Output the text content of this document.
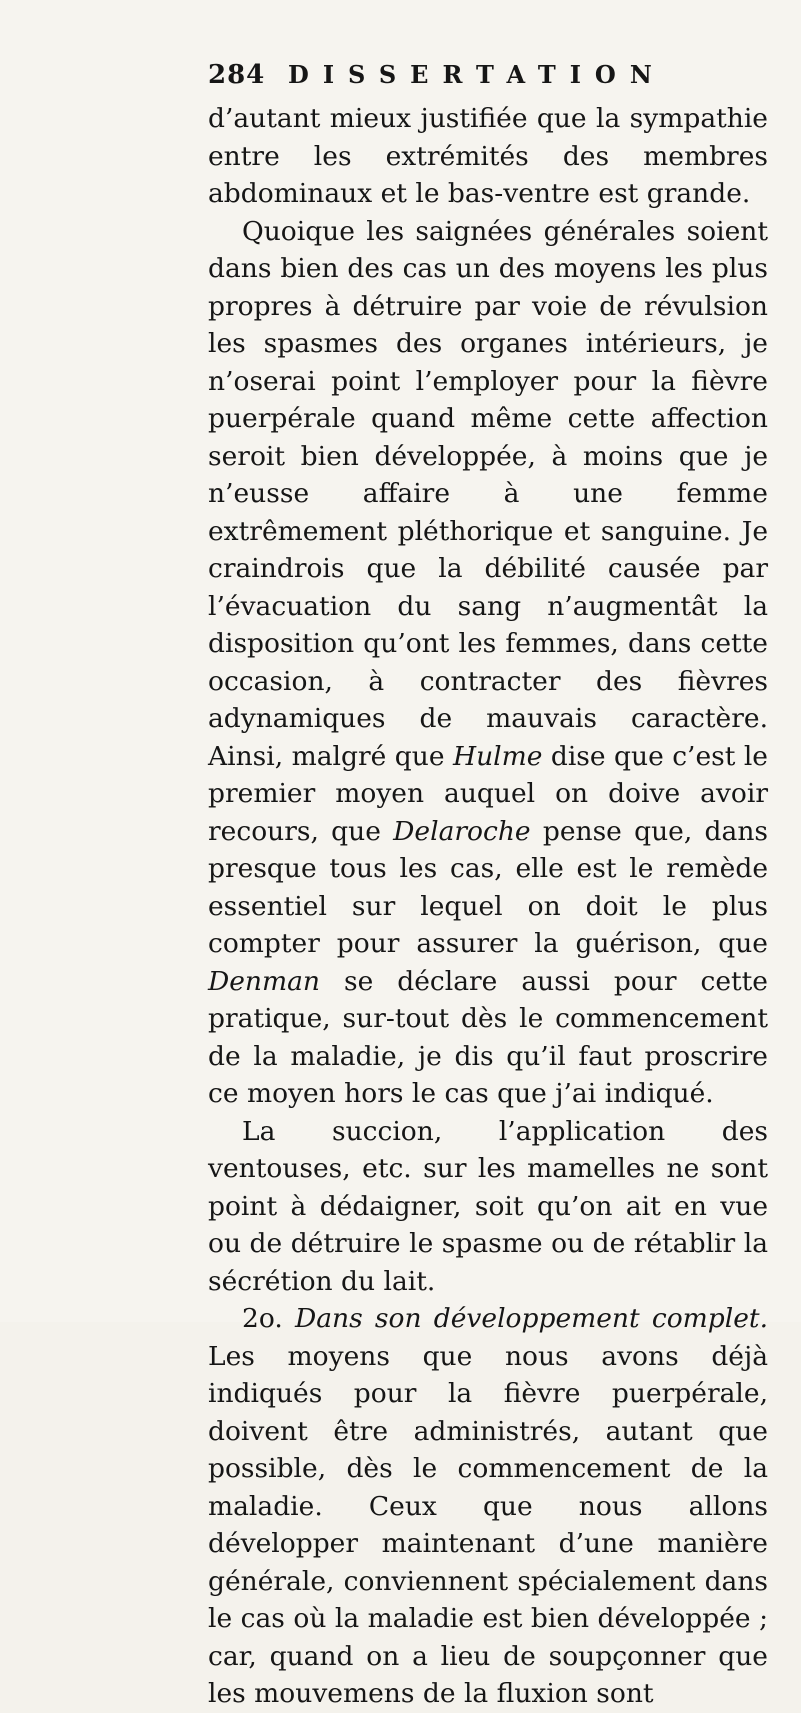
284 DISSERTATION

d’autant mieux justifiée que la sympathie entre les extrémités des membres abdominaux et le bas-ventre est grande.

Quoique les saignées générales soient dans bien des cas un des moyens les plus propres à détruire par voie de révulsion les spasmes des organes intérieurs, je n’oserai point l’employer pour la fièvre puerpérale quand même cette affection seroit bien développée, à moins que je n’eusse affaire à une femme extrêmement pléthorique et sanguine. Je craindrois que la débilité causée par l’évacuation du sang n’augmentât la disposition qu’ont les femmes, dans cette occasion, à contracter des fièvres adynamiques de mauvais caractère. Ainsi, malgré que Hulme dise que c’est le premier moyen auquel on doive avoir recours, que Delaroche pense que, dans presque tous les cas, elle est le remède essentiel sur lequel on doit le plus compter pour assurer la guérison, que Denman se déclare aussi pour cette pratique, sur-tout dès le commencement de la maladie, je dis qu’il faut proscrire ce moyen hors le cas que j’ai indiqué.

La succion, l’application des ventouses, etc. sur les mamelles ne sont point à dédaigner, soit qu’on ait en vue ou de détruire le spasme ou de rétablir la sécrétion du lait.

2o. Dans son développement complet. Les moyens que nous avons déjà indiqués pour la fièvre puerpérale, doivent être administrés, autant que possible, dès le commencement de la maladie. Ceux que nous allons développer maintenant d’une manière générale, conviennent spécialement dans le cas où la maladie est bien développée ; car, quand on a lieu de soupçonner que les mouvemens de la fluxion sont
